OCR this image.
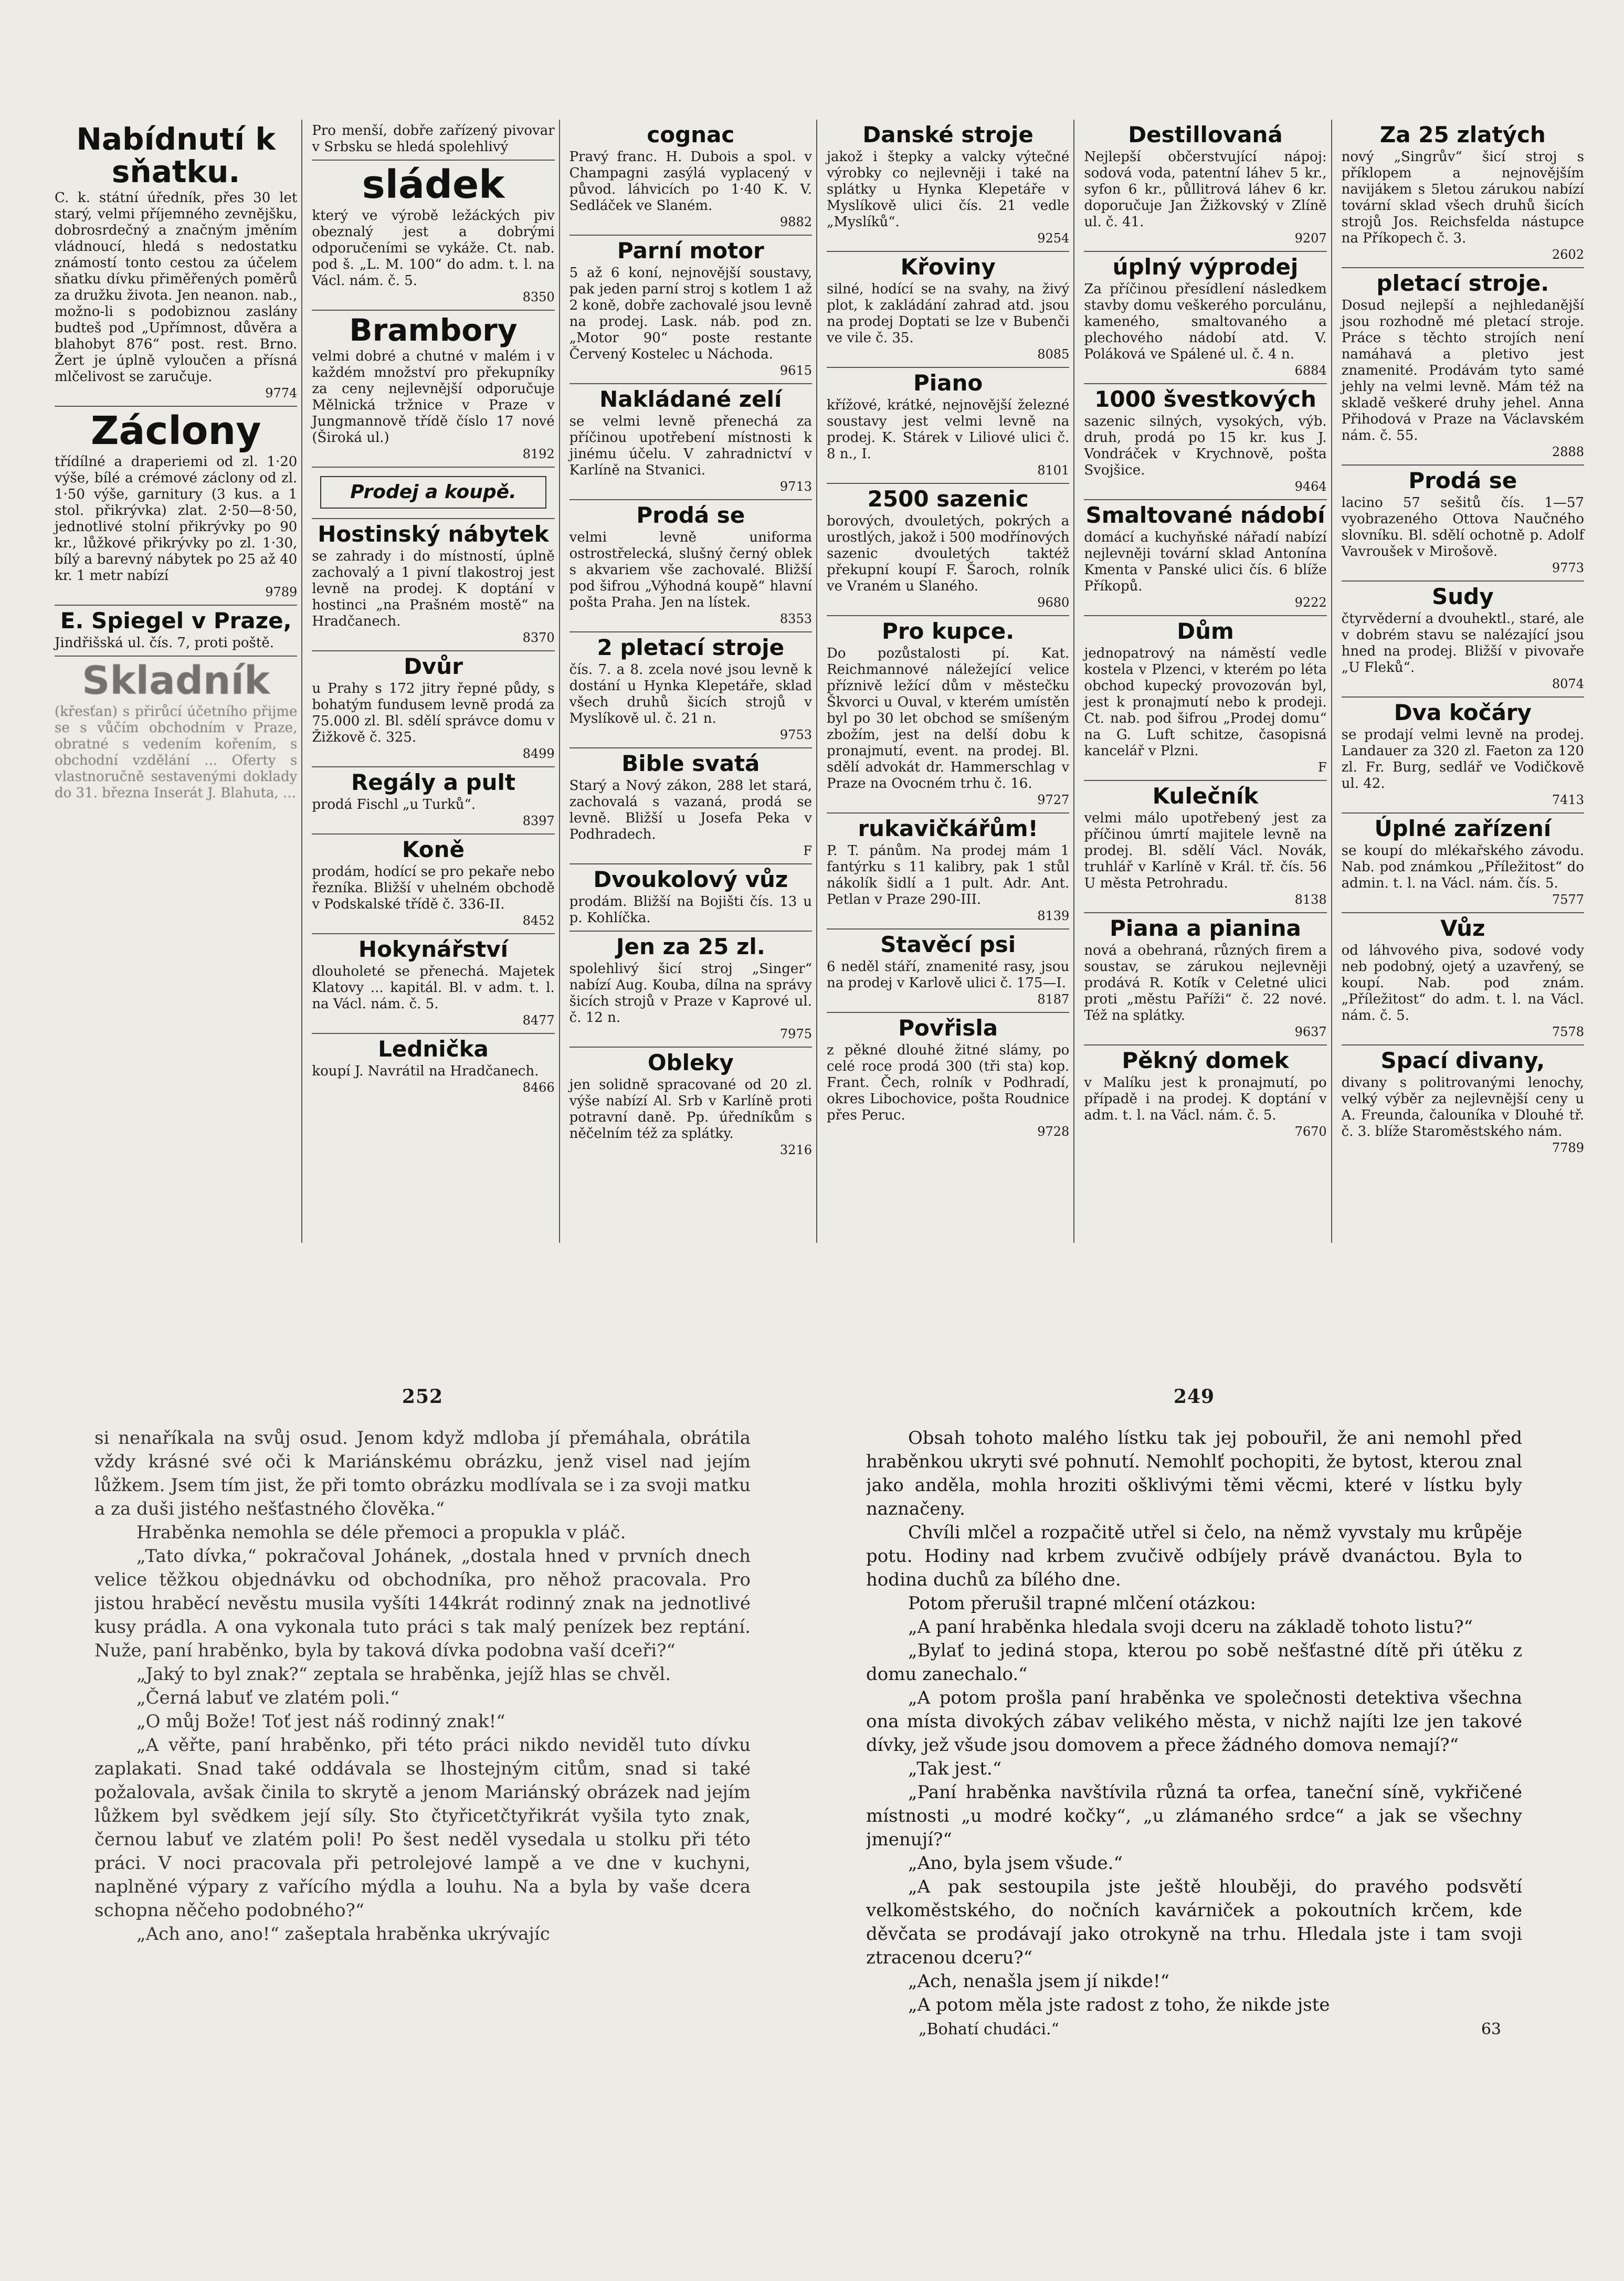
Nabídnutí k sňatku.

C. k. státní úředník, přes 30 let starý, velmi příjemného zevnějšku, dobrosrdečný a značným jměním vládnoucí, hledá s nedostatku známostí tonto cestou za účelem sňatku dívku přiměřených poměrů za družku života. Jen neanon. nab., možno-li s podobiznou zaslány budteš pod „Upřímnost, důvěra a blahobyt 876“ post. rest. Brno. Žert je úplně vyloučen a přísná mlčelivost se zaručuje.

9774
Záclony

třídílné a draperiemi od zl. 1·20 výše, bílé a crémové záclony od zl. 1·50 výše, garnitury (3 kus. a 1 stol. přikrývka) zlat. 2·50—8·50, jednotlivé stolní přikrývky po 90 kr., lůžkové přikrývky po zl. 1·30, bílý a barevný nábytek po 25 až 40 kr. 1 metr nabízí

9789
E. Spiegel v Praze,

Jindřišská ul. čís. 7, proti poště.

Skladník

(křesťan) s přirůcí účetního přijme se s vůčím obchodním v Praze, obratné s vedením kořením, s obchodní vzdělání ... Oferty s vlastnoručně sestavenými doklady do 31. března Inserát J. Blahuta, ...

Pro menší, dobře zařízený pivovar v Srbsku se hledá spolehlivý

sládek

který ve výrobě ležáckých piv obeznalý jest a dobrými odporučeními se vykáže. Ct. nab. pod š. „L. M. 100“ do adm. t. l. na Václ. nám. č. 5.

8350
Brambory

velmi dobré a chutné v malém i v každém množství pro překupníky za ceny nejlevnější odporučuje Mělnická tržnice v Praze v Jungmannově třídě číslo 17 nové (Široká ul.)

8192
Prodej a koupě.
Hostinský nábytek

se zahrady i do místností, úplně zachovalý a 1 pivní tlakostroj jest levně na prodej. K doptání v hostinci „na Prašném mostě“ na Hradčanech.

8370
Dvůr

u Prahy s 172 jitry řepné půdy, s bohatým fundusem levně prodá za 75.000 zl. Bl. sdělí správce domu v Žižkově č. 325.

8499
Regály a pult

prodá Fischl „u Turků“.

8397
Koně

prodám, hodící se pro pekaře nebo řezníka. Bližší v uhelném obchodě v Podskalské třídě č. 336-II.

8452
Hokynářství

dlouholeté se přenechá. Majetek Klatovy ... kapitál. Bl. v adm. t. l. na Václ. nám. č. 5.

8477
Lednička

koupí J. Navrátil na Hradčanech.

8466
cognac

Pravý franc. H. Dubois a spol. v Champagni zasýlá vyplacený v původ. láhvicích po 1·40 K. V. Sedláček ve Slaném.

9882
Parní motor

5 až 6 koní, nejnovější soustavy, pak jeden parní stroj s kotlem 1 až 2 koně, dobře zachovalé jsou levně na prodej. Lask. náb. pod zn. „Motor 90“ poste restante Červený Kostelec u Náchoda.

9615
Nakládané zelí

se velmi levně přenechá za příčinou upotřebení místnosti k jinému účelu. V zahradnictví v Karlíně na Stvanici.

9713
Prodá se

velmi levně uniforma ostrostřelecká, slušný černý oblek s akvariem vše zachovalé. Bližší pod šifrou „Výhodná koupě“ hlavní pošta Praha. Jen na lístek.

8353
2 pletací stroje

čís. 7. a 8. zcela nové jsou levně k dostání u Hynka Klepetáře, sklad všech druhů šicích strojů v Myslíkově ul. č. 21 n.

9753
Bible svatá

Starý a Nový zákon, 288 let stará, zachovalá s vazaná, prodá se levně. Bližší u Josefa Peka v Podhradech.

F
Dvoukolový vůz

prodám. Bližší na Bojišti čís. 13 u p. Kohlíčka.

Jen za 25 zl.

spolehlivý šicí stroj „Singer“ nabízí Aug. Kouba, dílna na správy šicích strojů v Praze v Kaprové ul. č. 12 n.

7975
Obleky

jen solidně spracované od 20 zl. výše nabízí Al. Srb v Karlíně proti potravní daně. Pp. úředníkům s něčelním též za splátky.

3216
Danské stroje

jakož i štepky a valcky výtečné výrobky co nejlevněji i také na splátky u Hynka Klepetáře v Myslíkově ulici čís. 21 vedle „Myslíků“.

9254
Křoviny

silné, hodící se na svahy, na živý plot, k zakládání zahrad atd. jsou na prodej Doptati se lze v Bubenči ve vile č. 35.

8085
Piano

křížové, krátké, nejnovější železné soustavy jest velmi levně na prodej. K. Stárek v Liliové ulici č. 8 n., I.

8101
2500 sazenic

borových, dvouletých, pokrých a urostlých, jakož i 500 modřínových sazenic dvouletých taktéž překupní koupí F. Šaroch, rolník ve Vraném u Slaného.

9680
Pro kupce.

Do pozůstalosti pí. Kat. Reichmannové náležející velice příznivě ležící dům v městečku Škvorci u Ouval, v kterém umístěn byl po 30 let obchod se smíšeným zbožím, jest na delší dobu k pronajmutí, event. na prodej. Bl. sdělí advokát dr. Hammerschlag v Praze na Ovocném trhu č. 16.

9727
rukavičkářům!

P. T. pánům. Na prodej mám 1 fantýrku s 11 kalibry, pak 1 stůl nákolík šidlí a 1 pult. Adr. Ant. Petlan v Praze 290-III.

8139
Stavěcí psi

6 neděl stáří, znamenité rasy, jsou na prodej v Karlově ulici č. 175—I.

8187
Povřisla

z pěkné dlouhé žitné slámy, po celé roce prodá 300 (tři sta) kop. Frant. Čech, rolník v Podhradí, okres Libochovice, pošta Roudnice přes Peruc.

9728
Destillovaná

Nejlepší občerstvující nápoj: sodová voda, patentní láhev 5 kr., syfon 6 kr., půllitrová láhev 6 kr. doporučuje Jan Žižkovský v Zlíně ul. č. 41.

9207
úplný výprodej

Za příčinou přesídlení následkem stavby domu veškerého porculánu, kameného, smaltovaného a plechového nádobí atd. V. Poláková ve Spálené ul. č. 4 n.

6884
1000 švestkových

sazenic silných, vysokých, výb. druh, prodá po 15 kr. kus J. Vondráček v Krychnově, pošta Svojšice.

9464
Smaltované nádobí

domácí a kuchyňské nářadí nabízí nejlevněji tovární sklad Antonína Kmenta v Panské ulici čís. 6 blíže Příkopů.

9222
Dům

jednopatrový na náměstí vedle kostela v Plzenci, v kterém po léta obchod kupecký provozován byl, jest k pronajmutí nebo k prodeji. Ct. nab. pod šifrou „Prodej domu“ na G. Luft schitze, časopisná kancelář v Plzni.

F
Kulečník

velmi málo upotřebený jest za příčinou úmrtí majitele levně na prodej. Bl. sdělí Václ. Novák, truhlář v Karlíně v Král. tř. čís. 56 U města Petrohradu.

8138
Piana a pianina

nová a obehraná, různých firem a soustav, se zárukou nejlevněji prodává R. Kotík v Celetné ulici proti „městu Paříži“ č. 22 nové. Též na splátky.

9637
Pěkný domek

v Malíku jest k pronajmutí, po případě i na prodej. K doptání v adm. t. l. na Václ. nám. č. 5.

7670
Za 25 zlatých

nový „Singrův“ šicí stroj s příklopem a nejnovějším navijákem s 5letou zárukou nabízí tovární sklad všech druhů šicích strojů Jos. Reichsfelda nástupce na Příkopech č. 3.

2602
pletací stroje.

Dosud nejlepší a nejhledanější jsou rozhodně mé pletací stroje. Práce s těchto strojích není namáhavá a pletivo jest znamenité. Prodávám tyto samé jehly na velmi levně. Mám též na skladě veškeré druhy jehel. Anna Přihodová v Praze na Václavském nám. č. 55.

2888
Prodá se

lacino 57 sešitů čís. 1—57 vyobrazeného Ottova Naučného slovníku. Bl. sdělí ochotně p. Adolf Vavroušek v Mirošově.

9773
Sudy

čtyrvěderní a dvouhektl., staré, ale v dobrém stavu se nalézající jsou hned na prodej. Bližší v pivovaře „U Fleků“.

8074
Dva kočáry

se prodají velmi levně na prodej. Landauer za 320 zl. Faeton za 120 zl. Fr. Burg, sedlář ve Vodičkově ul. 42.

7413
Úplné zařízení

se koupí do mlékařského závodu. Nab. pod známkou „Příležitost“ do admin. t. l. na Václ. nám. čís. 5.

7577
Vůz

od láhvového piva, sodové vody neb podobný, ojetý a uzavřený, se koupí. Nab. pod znám. „Příležitost“ do adm. t. l. na Václ. nám. č. 5.

7578
Spací divany,

divany s politrovanými lenochy, velký výběr za nejlevnější ceny u A. Freunda, čalouníka v Dlouhé tř. č. 3. blíže Staroměstského nám.

7789
252

si nenaříkala na svůj osud. Jenom když mdloba jí přemáhala, obrátila vždy krásné své oči k Mariánskému obrázku, jenž visel nad jejím lůžkem. Jsem tím jist, že při tomto obrázku modlívala se i za svoji matku a za duši jistého nešťastného člověka.“

Hraběnka nemohla se déle přemoci a propukla v pláč.

„Tato dívka,“ pokračoval Johánek, „dostala hned v prvních dnech velice těžkou objednávku od obchodníka, pro něhož pracovala. Pro jistou hraběcí nevěstu musila vyšíti 144krát rodinný znak na jednotlivé kusy prádla. A ona vykonala tuto práci s tak malý penízek bez reptání. Nuže, paní hraběnko, byla by taková dívka podobna vaší dceři?“

„Jaký to byl znak?“ zeptala se hraběnka, jejíž hlas se chvěl.

„Černá labuť ve zlatém poli.“

„O můj Bože! Toť jest náš rodinný znak!“

„A věřte, paní hraběnko, při této práci nikdo neviděl tuto dívku zaplakati. Snad také oddávala se lhostejným citům, snad si také požalovala, avšak činila to skrytě a jenom Mariánský obrázek nad jejím lůžkem byl svědkem její síly. Sto čtyřicetčtyřikrát vyšila tyto znak, černou labuť ve zlatém poli! Po šest neděl vysedala u stolku při této práci. V noci pracovala při petrolejové lampě a ve dne v kuchyni, naplněné výpary z vařícího mýdla a louhu. Na a byla by vaše dcera schopna něčeho podobného?“

„Ach ano, ano!“ zašeptala hraběnka ukrývajíc

249

Obsah tohoto malého lístku tak jej pobouřil, že ani nemohl před hraběnkou ukryti své pohnutí. Nemohlť pochopiti, že bytost, kterou znal jako anděla, mohla hroziti ošklivými těmi věcmi, které v lístku byly naznačeny.

Chvíli mlčel a rozpačitě utřel si čelo, na němž vyvstaly mu krůpěje potu. Hodiny nad krbem zvučivě odbíjely právě dvanáctou. Byla to hodina duchů za bílého dne.

Potom přerušil trapné mlčení otázkou:

„A paní hraběnka hledala svoji dceru na základě tohoto listu?“

„Bylať to jediná stopa, kterou po sobě nešťastné dítě při útěku z domu zanechalo.“

„A potom prošla paní hraběnka ve společnosti detektiva všechna ona místa divokých zábav velikého města, v nichž najíti lze jen takové dívky, jež všude jsou domovem a přece žádného domova nemají?“

„Tak jest.“

„Paní hraběnka navštívila různá ta orfea, taneční síně, vykřičené místnosti „u modré kočky“, „u zlámaného srdce“ a jak se všechny jmenují?“

„Ano, byla jsem všude.“

„A pak sestoupila jste ještě hlouběji, do pravého podsvětí velkoměstského, do nočních kavárniček a pokoutních krčem, kde děvčata se prodávají jako otrokyně na trhu. Hledala jste i tam svoji ztracenou dceru?“

„Ach, nenašla jsem jí nikde!“

„A potom měla jste radost z toho, že nikde jste

„Bohatí chudáci.“	63
